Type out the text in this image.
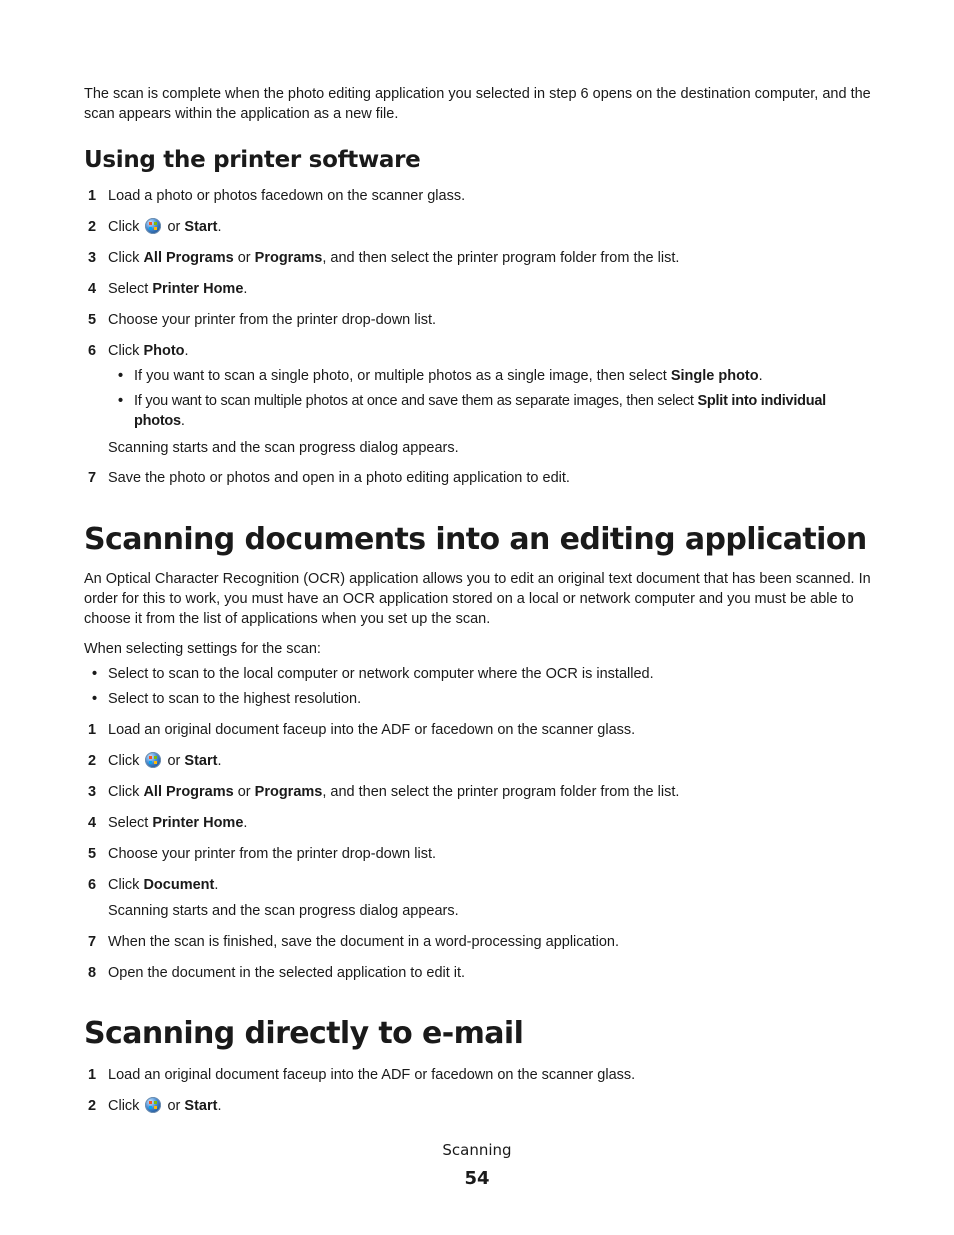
The scan is complete when the photo editing application you selected in step 6 opens on the destination computer, and the scan appears within the application as a new file.

Using the printer software
1 Load a photo or photos facedown on the scanner glass.
2 Click or Start.
3 Click All Programs or Programs, and then select the printer program folder from the list.
4 Select Printer Home.
5 Choose your printer from the printer drop-down list.
6 Click Photo.
• If you want to scan a single photo, or multiple photos as a single image, then select Single photo.
• If you want to scan multiple photos at once and save them as separate images, then select Split into individual photos.
Scanning starts and the scan progress dialog appears.
7 Save the photo or photos and open in a photo editing application to edit.
Scanning documents into an editing application

An Optical Character Recognition (OCR) application allows you to edit an original text document that has been scanned. In order for this to work, you must have an OCR application stored on a local or network computer and you must be able to choose it from the list of applications when you set up the scan.

When selecting settings for the scan:

• Select to scan to the local computer or network computer where the OCR is installed.
• Select to scan to the highest resolution.
1 Load an original document faceup into the ADF or facedown on the scanner glass.
2 Click or Start.
3 Click All Programs or Programs, and then select the printer program folder from the list.
4 Select Printer Home.
5 Choose your printer from the printer drop-down list.
6 Click Document.
Scanning starts and the scan progress dialog appears.
7 When the scan is finished, save the document in a word-processing application.
8 Open the document in the selected application to edit it.
Scanning directly to e-mail
1 Load an original document faceup into the ADF or facedown on the scanner glass.
2 Click or Start.
Scanning
54
